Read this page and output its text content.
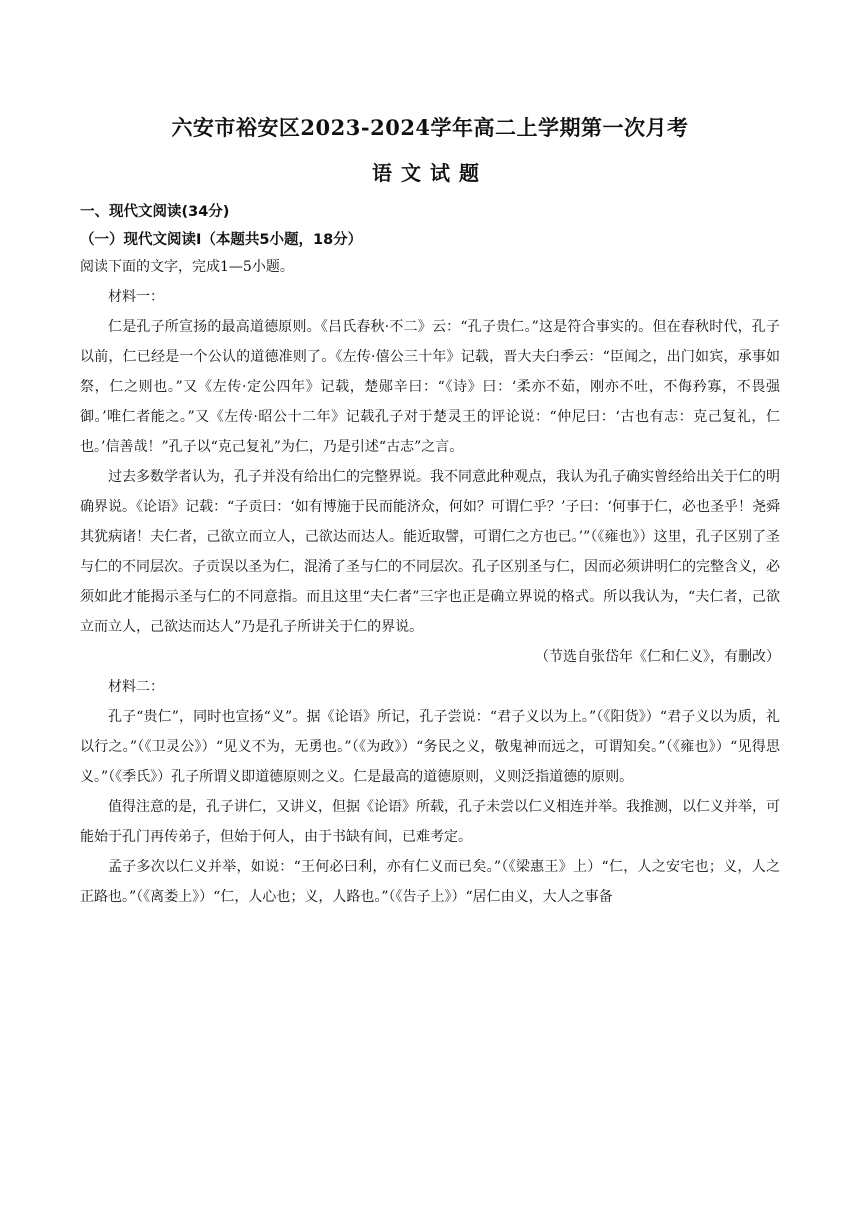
六安市裕安区2023-2024学年高二上学期第一次月考
语文试题
一、现代文阅读(34分)
（一）现代文阅读Ⅰ（本题共5小题，18分）

阅读下面的文字，完成1—5小题。

材料一：

仁是孔子所宣扬的最高道德原则。《吕氏春秋·不二》云：“孔子贵仁。”这是符合事实的。但在春秋时代，孔子以前，仁已经是一个公认的道德准则了。《左传·僖公三十年》记载，晋大夫臼季云：“臣闻之，出门如宾，承事如祭，仁之则也。”又《左传·定公四年》记载，楚郧辛曰：“《诗》曰：‘柔亦不茹，刚亦不吐，不侮矜寡，不畏强御。’唯仁者能之。”又《左传·昭公十二年》记载孔子对于楚灵王的评论说：“仲尼曰：‘古也有志：克己复礼，仁也。’信善哉！”孔子以“克己复礼”为仁，乃是引述“古志”之言。

过去多数学者认为，孔子并没有给出仁的完整界说。我不同意此种观点，我认为孔子确实曾经给出关于仁的明确界说。《论语》记载：“子贡曰：‘如有博施于民而能济众，何如？可谓仁乎？’子曰：‘何事于仁，必也圣乎！尧舜其犹病诸！夫仁者，己欲立而立人，己欲达而达人。能近取譬，可谓仁之方也已。’”（《雍也》）这里，孔子区别了圣与仁的不同层次。子贡误以圣为仁，混淆了圣与仁的不同层次。孔子区别圣与仁，因而必须讲明仁的完整含义，必须如此才能揭示圣与仁的不同意指。而且这里“夫仁者”三字也正是确立界说的格式。所以我认为，“夫仁者，己欲立而立人，己欲达而达人”乃是孔子所讲关于仁的界说。

（节选自张岱年《仁和仁义》，有删改）

材料二：

孔子“贵仁”，同时也宣扬“义”。据《论语》所记，孔子尝说：“君子义以为上。”（《阳货》）“君子义以为质，礼以行之。”（《卫灵公》）“见义不为，无勇也。”（《为政》）“务民之义，敬鬼神而远之，可谓知矣。”（《雍也》）“见得思义。”（《季氏》）孔子所谓义即道德原则之义。仁是最高的道德原则，义则泛指道德的原则。

值得注意的是，孔子讲仁，又讲义，但据《论语》所载，孔子未尝以仁义相连并举。我推测，以仁义并举，可能始于孔门再传弟子，但始于何人，由于书缺有间，已难考定。

孟子多次以仁义并举，如说：“王何必曰利，亦有仁义而已矣。”（《梁惠王》上）“仁，人之安宅也；义，人之正路也。”（《离娄上》）“仁，人心也；义，人路也。”（《告子上》）“居仁由义，大人之事备
